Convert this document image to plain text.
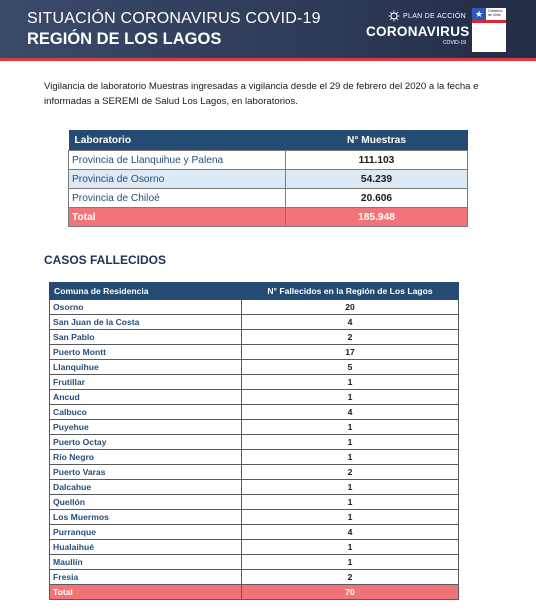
SITUACIÓN CORONAVIRUS COVID-19
REGIÓN DE LOS LAGOS
PLAN DE ACCIÓN
CORONAVIRUS
COVID-19
★ Gobierno de Chile
Vigilancia de laboratorio Muestras ingresadas a vigilancia desde el 29 de febrero del 2020 a la fecha e informadas a SEREMI de Salud Los Lagos, en laboratorios.
Laboratorio	N° Muestras
Provincia de Llanquihue y Palena	111.103
Provincia de Osorno	54.239
Provincia de Chiloé	20.606
Total	185.948
CASOS FALLECIDOS
Comuna de Residencia	N° Fallecidos en la Región de Los Lagos
Osorno	20
San Juan de la Costa	4
San Pablo	2
Puerto Montt	17
Llanquihue	5
Frutillar	1
Ancud	1
Calbuco	4
Puyehue	1
Puerto Octay	1
Río Negro	1
Puerto Varas	2
Dalcahue	1
Quellón	1
Los Muermos	1
Purranque	4
Hualaihué	1
Maullín	1
Fresia	2
Total	70
